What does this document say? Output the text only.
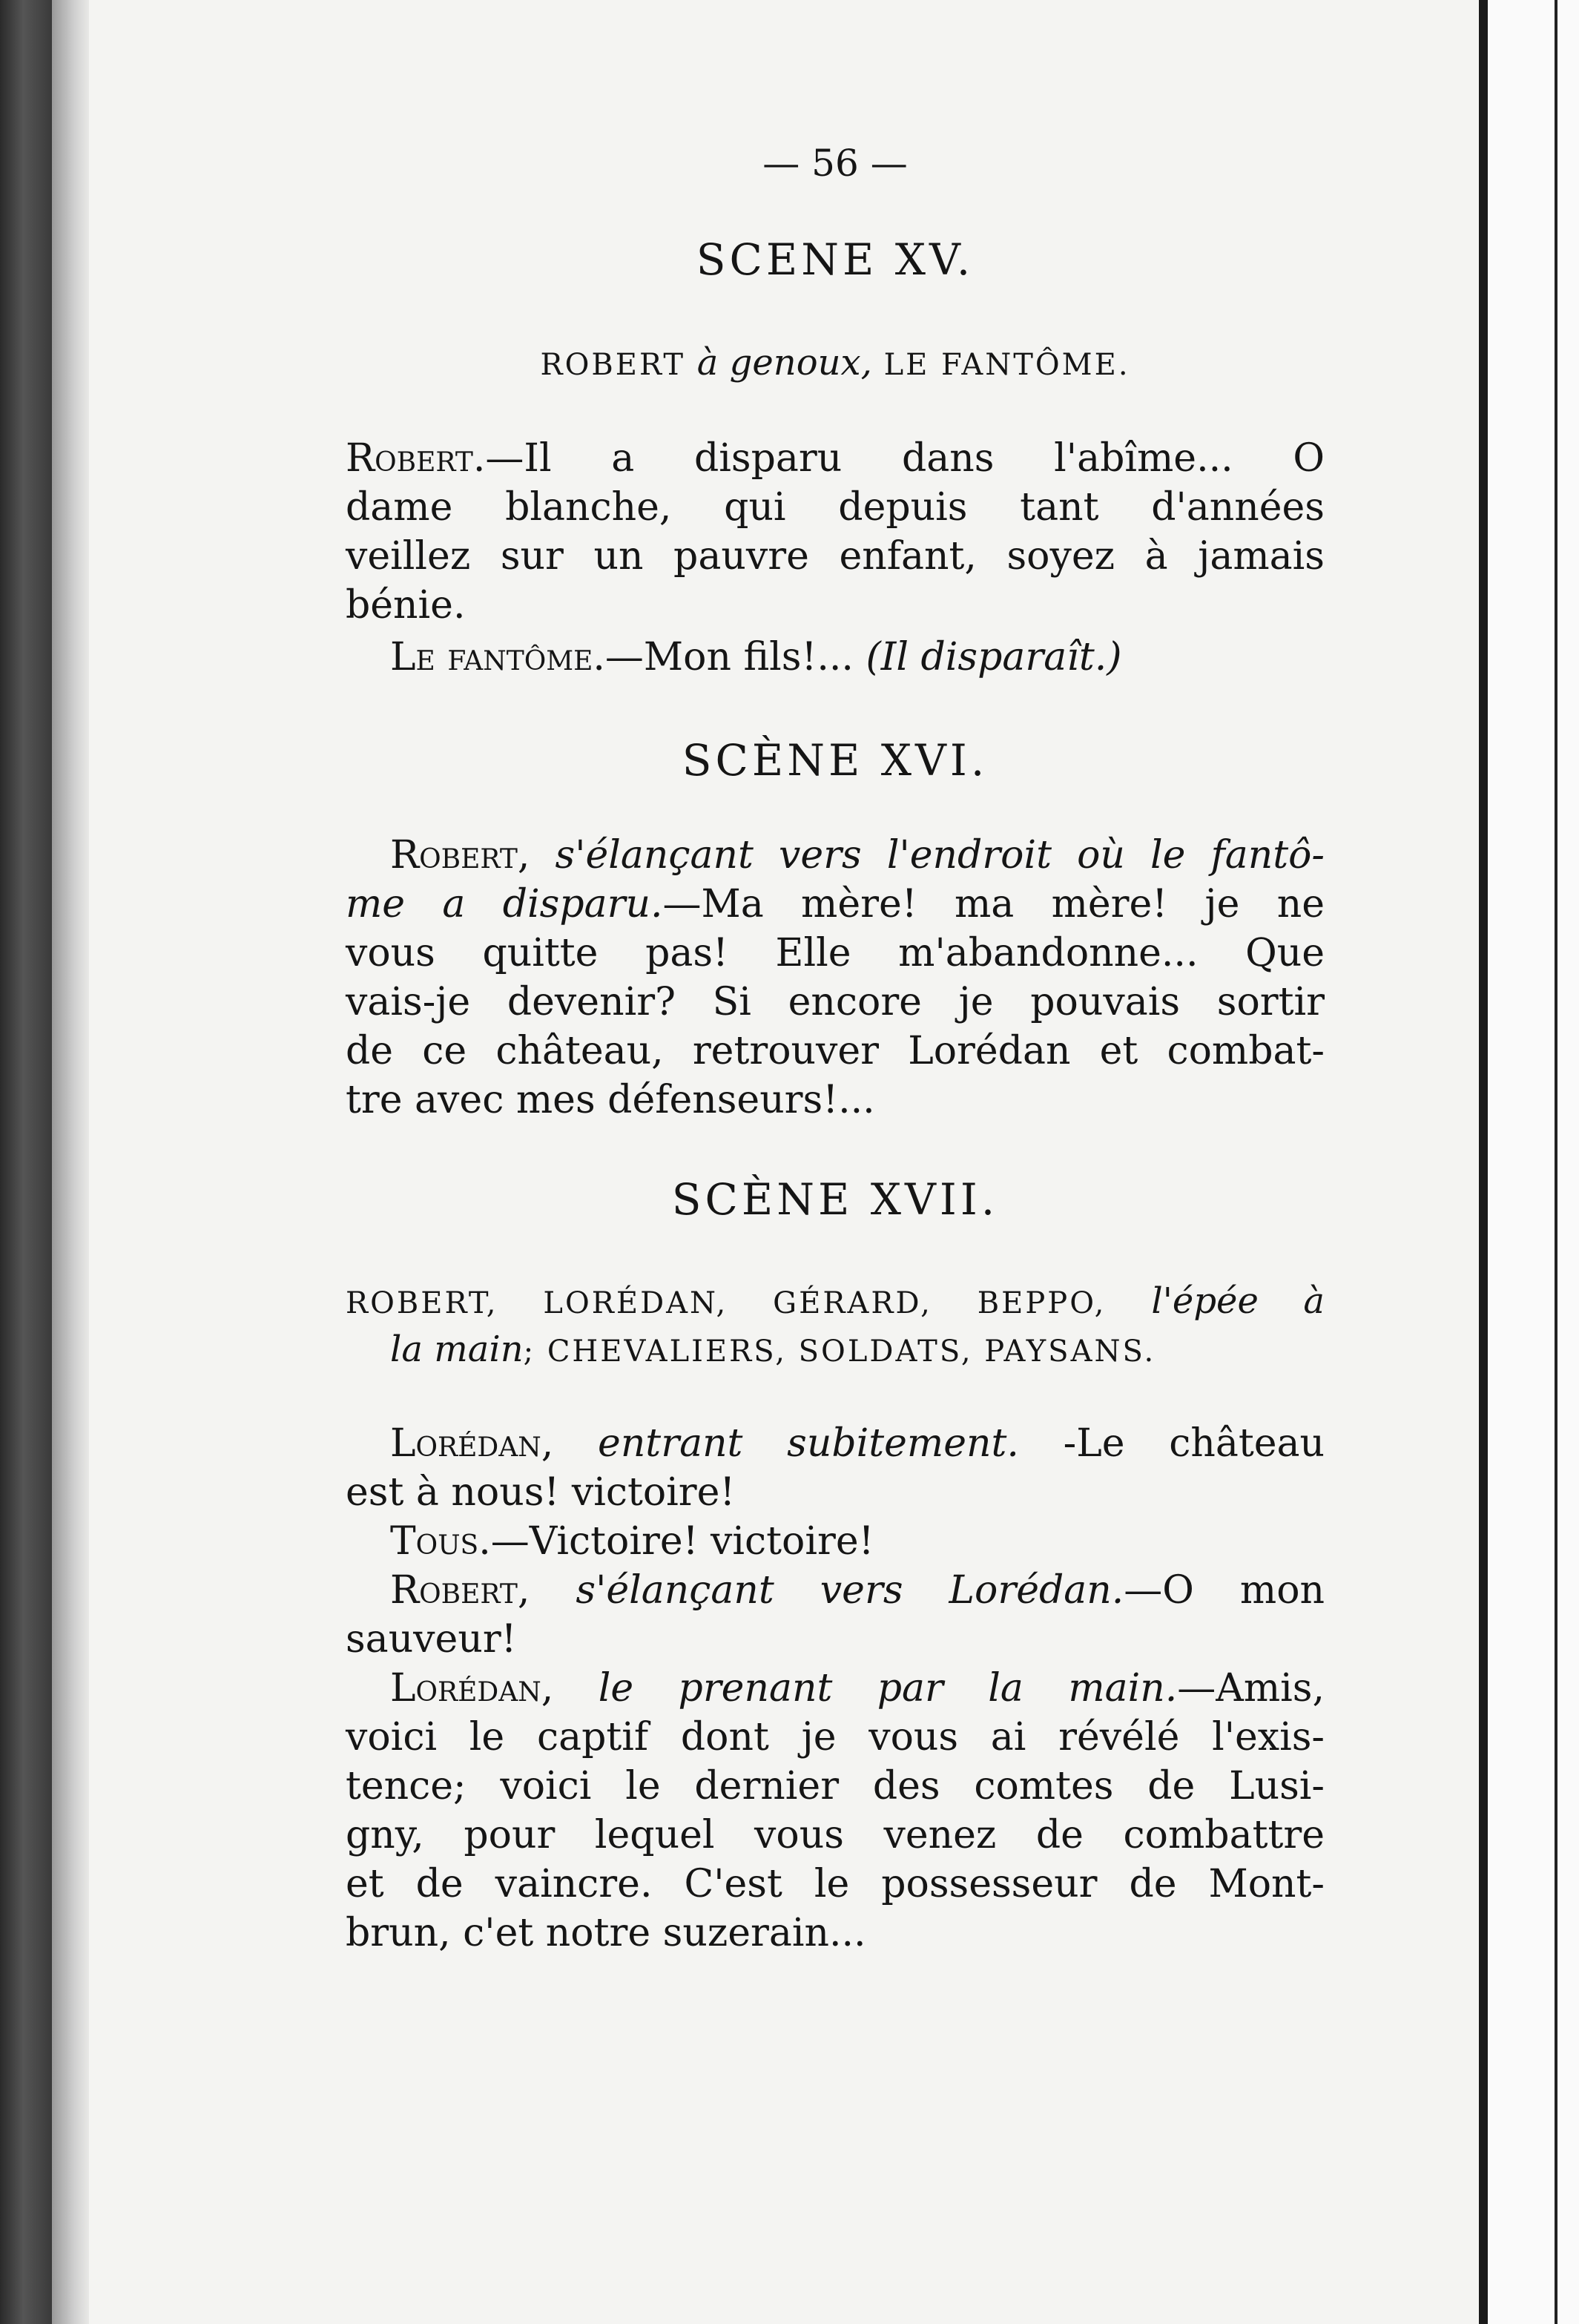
— 56 —
SCENE XV.
ROBERT à genoux, LE FANTÔME.
Robert.—Il a disparu dans l'abîme... O
dame blanche, qui depuis tant d'années
veillez sur un pauvre enfant, soyez à jamais
bénie.
Le fantôme.—Mon fils!... (Il disparaît.)
SCÈNE XVI.
Robert, s'élançant vers l'endroit où le fantô-
me a disparu.—Ma mère! ma mère! je ne
vous quitte pas! Elle m'abandonne... Que
vais-je devenir? Si encore je pouvais sortir
de ce château, retrouver Lorédan et combat-
tre avec mes défenseurs!...
SCÈNE XVII.
ROBERT, LORÉDAN, GÉRARD, BEPPO, l'épée à
la main; CHEVALIERS, SOLDATS, PAYSANS.
Lorédan, entrant subitement. -Le château
est à nous! victoire!
Tous.—Victoire! victoire!
Robert, s'élançant vers Lorédan.—O mon
sauveur!
Lorédan, le prenant par la main.—Amis,
voici le captif dont je vous ai révélé l'exis-
tence; voici le dernier des comtes de Lusi-
gny, pour lequel vous venez de combattre
et de vaincre. C'est le possesseur de Mont-
brun, c'et notre suzerain...
